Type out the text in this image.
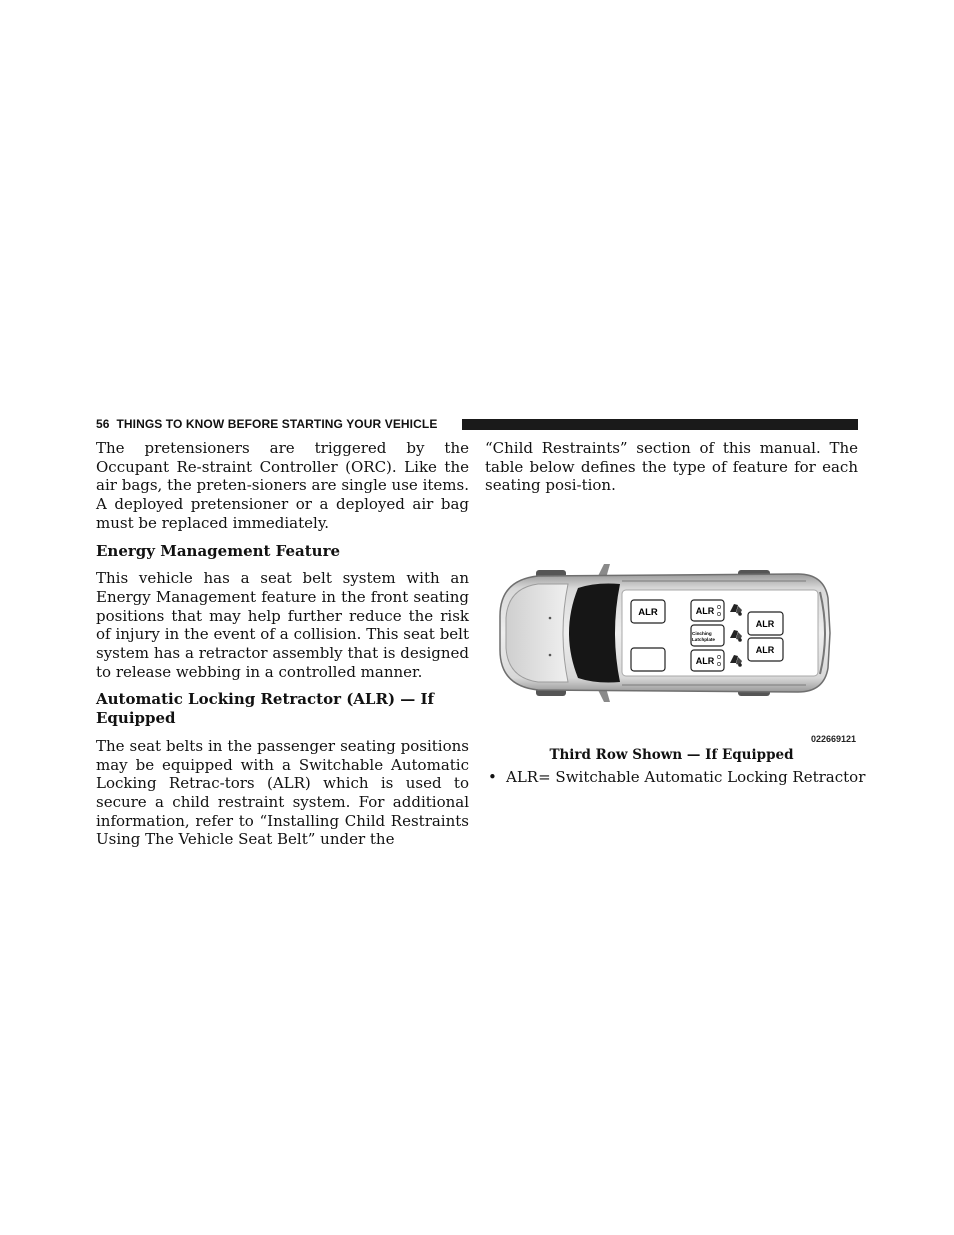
56 THINGS TO KNOW BEFORE STARTING YOUR VEHICLE

The pretensioners are triggered by the Occupant Re-straint Controller (ORC). Like the air bags, the preten-sioners are single use items. A deployed pretensioner or a deployed air bag must be replaced immediately.

Energy Management Feature

This vehicle has a seat belt system with an Energy Management feature in the front seating positions that may help further reduce the risk of injury in the event of a collision. This seat belt system has a retractor assembly that is designed to release webbing in a controlled manner.

Automatic Locking Retractor (ALR) — If Equipped

The seat belts in the passenger seating positions may be equipped with a Switchable Automatic Locking Retrac-tors (ALR) which is used to secure a child restraint system. For additional information, refer to “Installing Child Restraints Using The Vehicle Seat Belt” under the

“Child Restraints” section of this manual. The table below defines the type of feature for each seating posi-tion.

ALR	ALR
Cinching
Latchplate
ALR
ALR
ALR
022669121
Third Row Shown — If Equipped
• ALR= Switchable Automatic Locking Retractor
